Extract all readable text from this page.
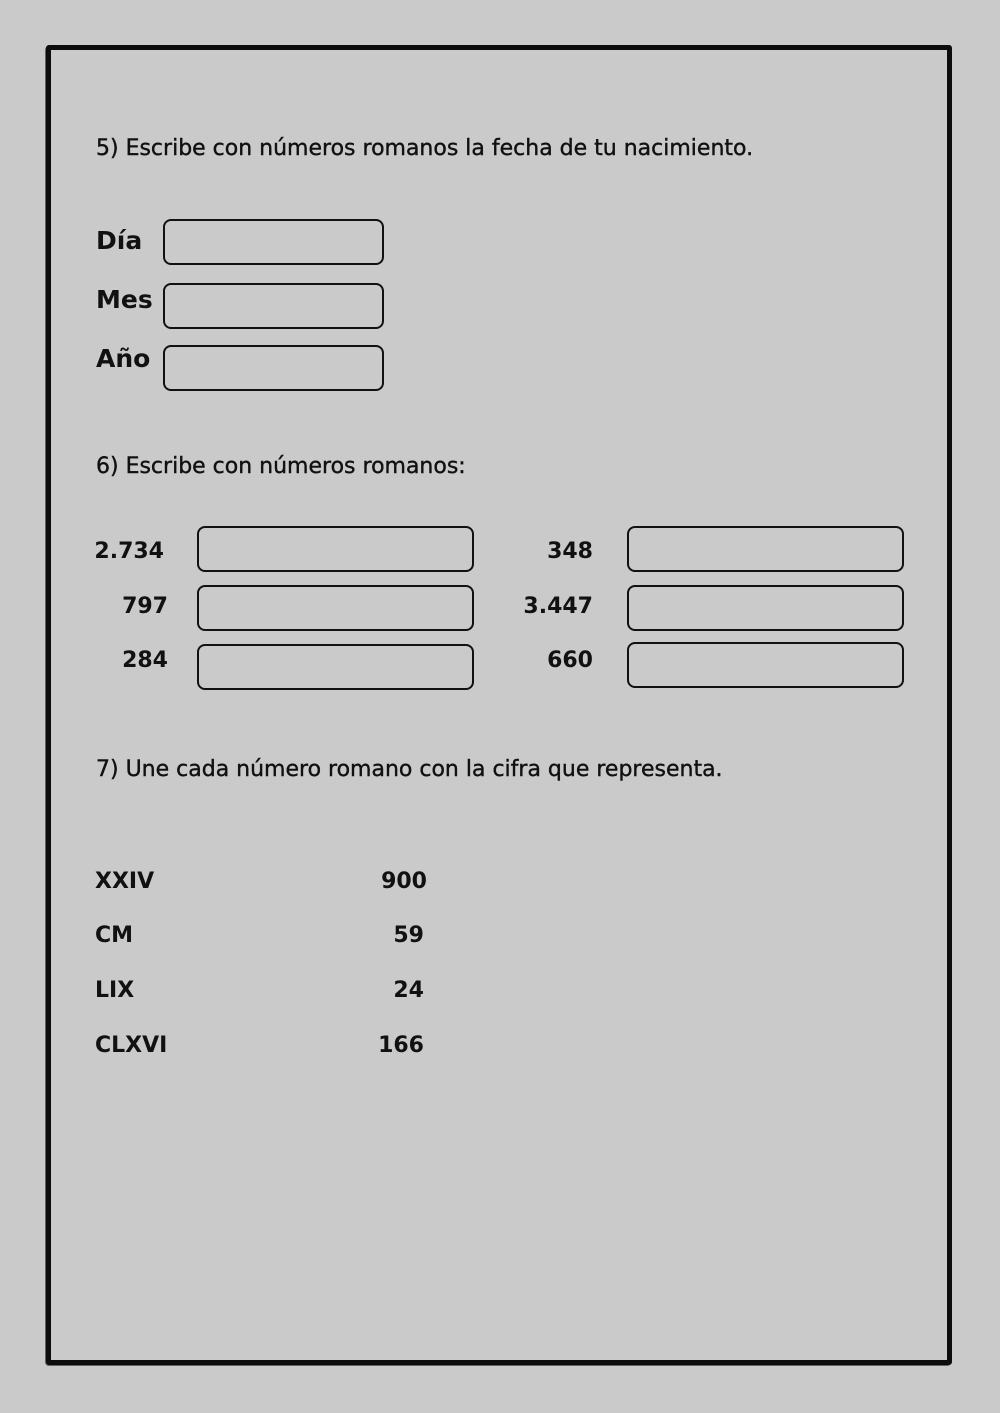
5) Escribe con números romanos la fecha de tu nacimiento.
Día
Mes
Año
6) Escribe con números romanos:
2.734
797
284
348
3.447
660
7) Une cada número romano con la cifra que representa.
XXIV
CM
LIX
CLXVI
900
59
24
166
